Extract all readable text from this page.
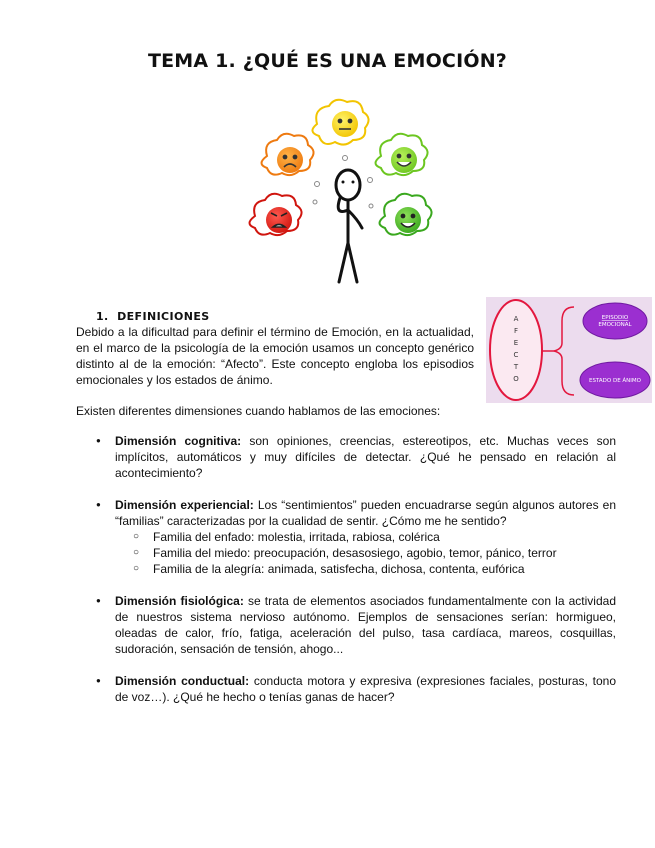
TEMA 1. ¿QUÉ ES UNA EMOCIÓN?
A
F
E
C
T
O
EPISODIO
EMOCIONAL
ESTADO DE ÁNIMO
1. DEFINICIONES
Debido a la dificultad para definir el término de Emoción, en la actualidad, en el marco de la psicología de la emoción usamos un concepto genérico distinto al de la emoción: “Afecto”. Este concepto engloba los episodios emocionales y los estados de ánimo.
Existen diferentes dimensiones cuando hablamos de las emociones:
● Dimensión cognitiva: son opiniones, creencias, estereotipos, etc. Muchas veces son implícitos, automáticos y muy difíciles de detectar. ¿Qué he pensado en relación al acontecimiento?
● Dimensión experiencial: Los “sentimientos” pueden encuadrarse según algunos autores en “familias” caracterizadas por la cualidad de sentir. ¿Cómo me he sentido?
○ Familia del enfado: molestia, irritada, rabiosa, colérica
○ Familia del miedo: preocupación, desasosiego, agobio, temor, pánico, terror
○ Familia de la alegría: animada, satisfecha, dichosa, contenta, eufórica
● Dimensión fisiológica: se trata de elementos asociados fundamentalmente con la actividad de nuestros sistema nervioso autónomo. Ejemplos de sensaciones serían: hormigueo, oleadas de calor, frío, fatiga, aceleración del pulso, tasa cardíaca, mareos, cosquillas, sudoración, sensación de tensión, ahogo...
● Dimensión conductual: conducta motora y expresiva (expresiones faciales, posturas, tono de voz…). ¿Qué he hecho o tenías ganas de hacer?
